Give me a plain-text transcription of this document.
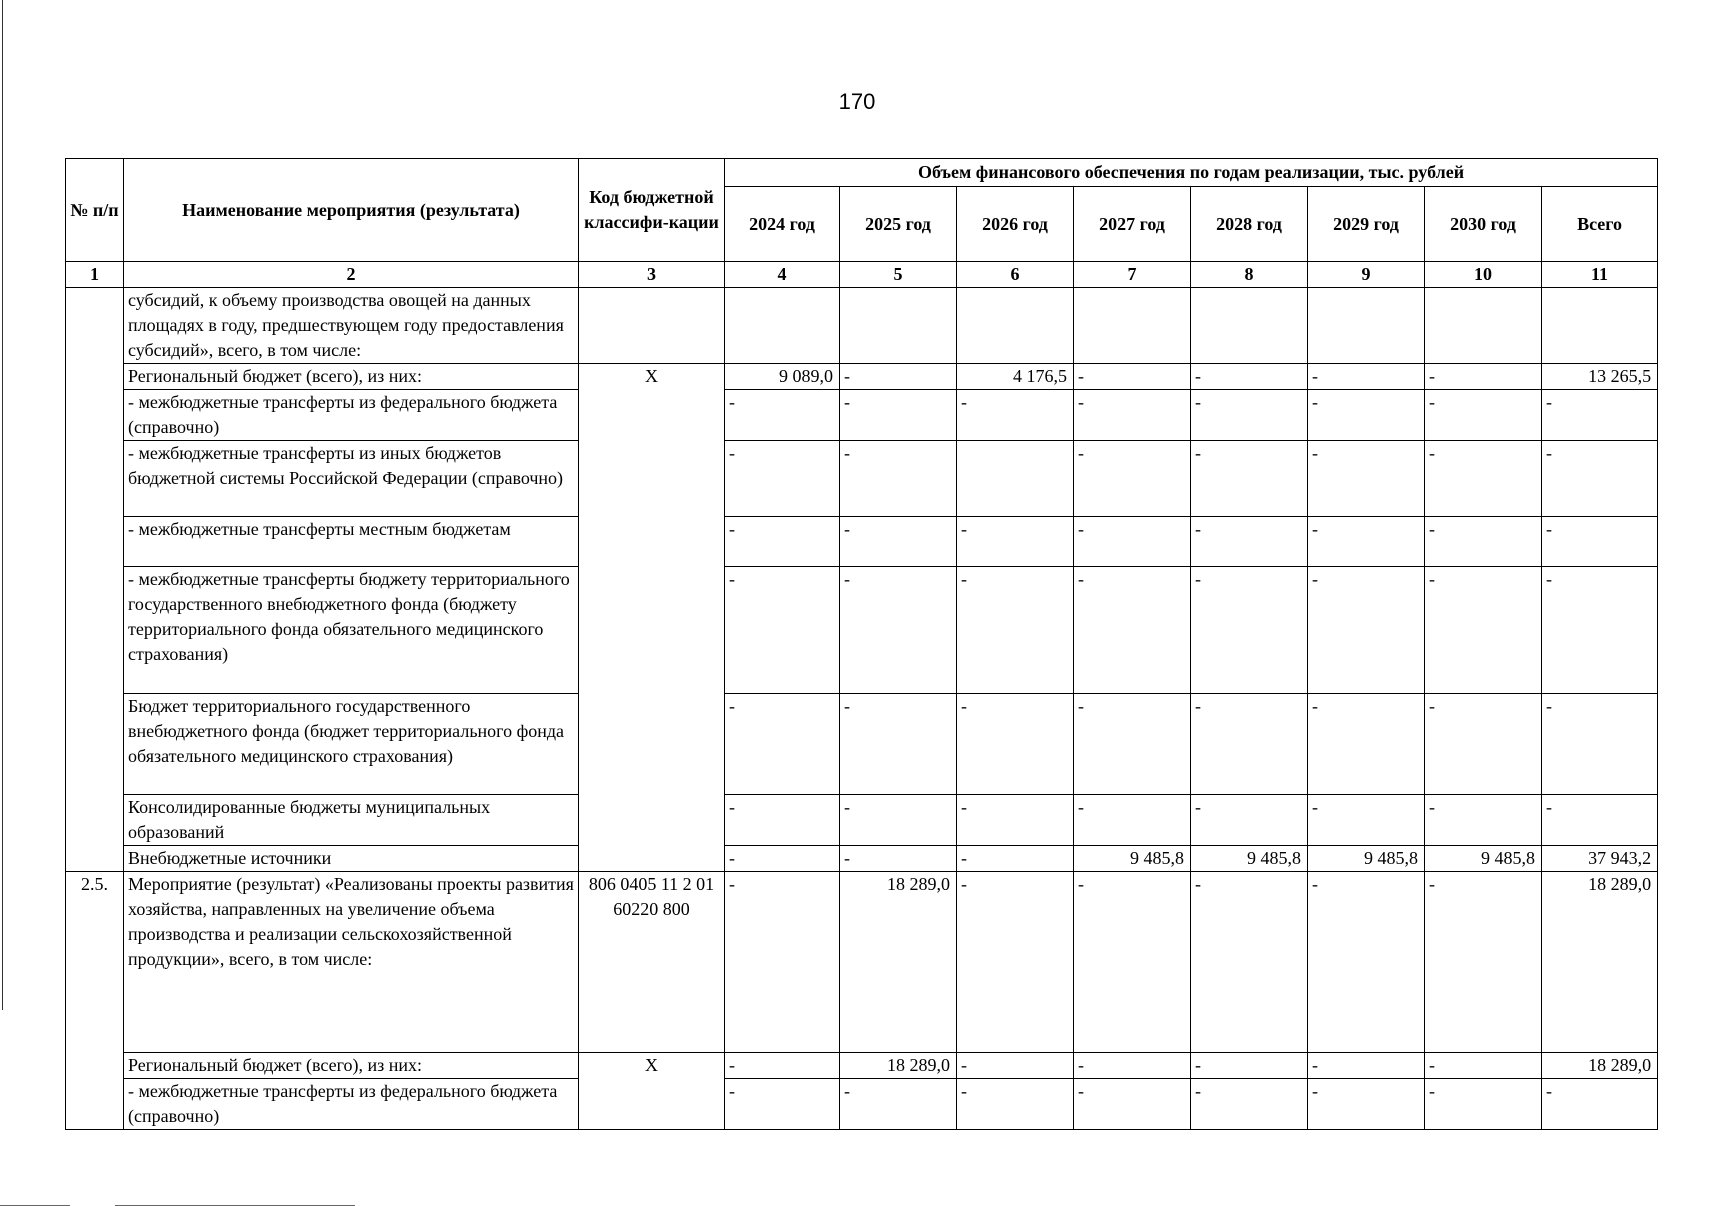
170
№ п/п	Наименование мероприятия (результата)	Код бюджетной классифи-кации	Объем финансового обеспечения по годам реализации, тыс. рублей							
			2024 год	2025 год	2026 год	2027 год	2028 год	2029 год	2030 год	Всего
1	2	3	4	5	6	7	8	9	10	11
	субсидий, к объему производства овощей на данных площадях в году, предшествующем году предоставления субсидий», всего, в том числе:									
	Региональный бюджет (всего), из них:	Х	9 089,0	-	4 176,5	-	-	-	-	13 265,5
	- межбюджетные трансферты из федерального бюджета (справочно)		-	-	-	-	-	-	-	-
	- межбюджетные трансферты из иных бюджетов бюджетной системы Российской Федерации (справочно)		-	-		-	-	-	-	-
	- межбюджетные трансферты местным бюджетам		-	-	-	-	-	-	-	-
	- межбюджетные трансферты бюджету территориального государственного внебюджетного фонда (бюджету территориального фонда обязательного медицинского страхования)		-	-	-	-	-	-	-	-
	Бюджет территориального государственного внебюджетного фонда (бюджет территориального фонда обязательного медицинского страхования)		-	-	-	-	-	-	-	-
	Консолидированные бюджеты муниципальных образований		-	-	-	-	-	-	-	-
	Внебюджетные источники		-	-	-	9 485,8	9 485,8	9 485,8	9 485,8	37 943,2
2.5.	Мероприятие (результат) «Реализованы проекты развития хозяйства, направленных на увеличение объема производства и реализации сельскохозяйственной продукции», всего, в том числе:	806 0405 11 2 01 60220 800	-	18 289,0	-	-	-	-	-	18 289,0
	Региональный бюджет (всего), из них:	Х	-	18 289,0	-	-	-	-	-	18 289,0
	- межбюджетные трансферты из федерального бюджета (справочно)		-	-	-	-	-	-	-	-
